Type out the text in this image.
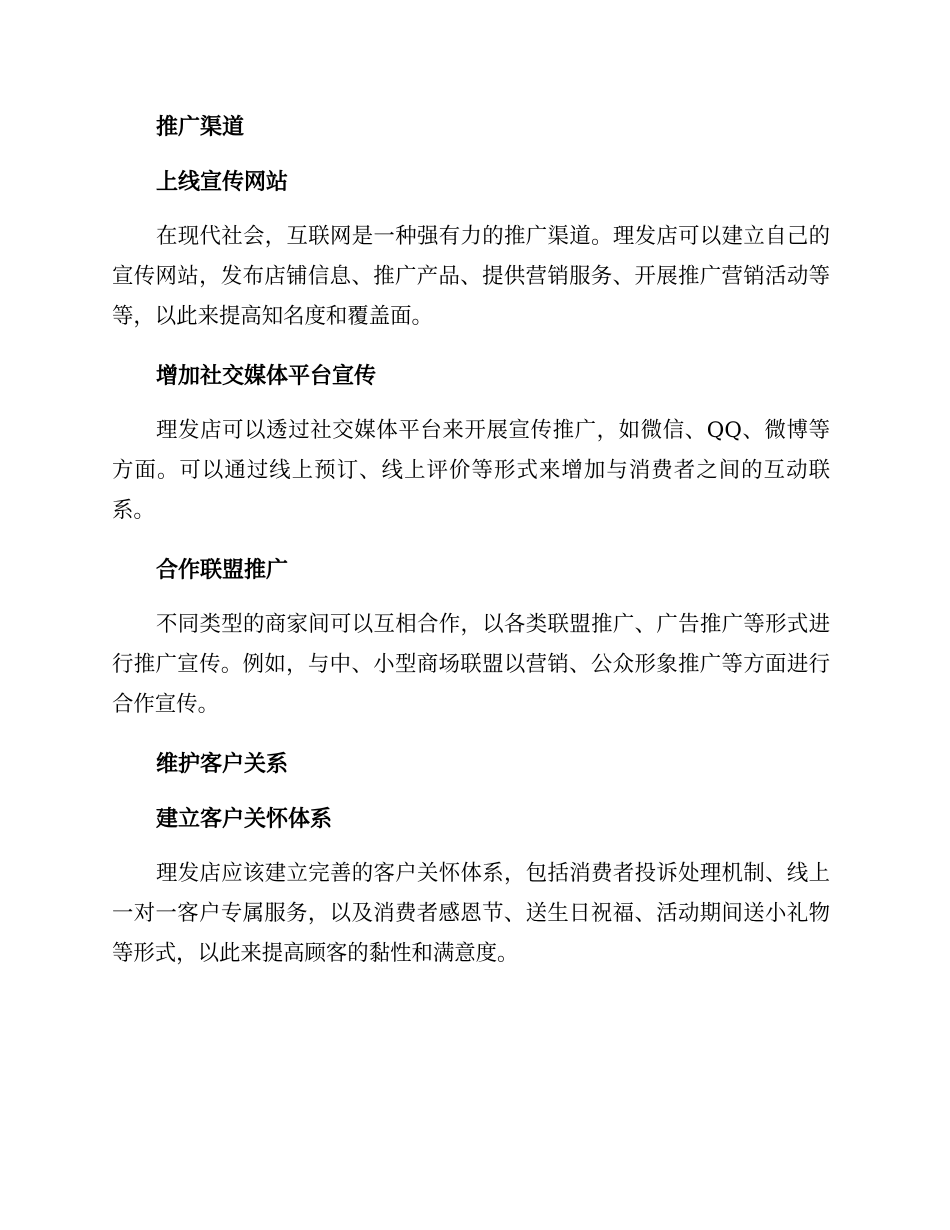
推广渠道
上线宣传网站

在现代社会，互联网是一种强有力的推广渠道。理发店可以建立自己的宣传网站，发布店铺信息、推广产品、提供营销服务、开展推广营销活动等等，以此来提高知名度和覆盖面。

增加社交媒体平台宣传

理发店可以透过社交媒体平台来开展宣传推广，如微信、QQ、微博等方面。可以通过线上预订、线上评价等形式来增加与消费者之间的互动联系。

合作联盟推广

不同类型的商家间可以互相合作，以各类联盟推广、广告推广等形式进行推广宣传。例如，与中、小型商场联盟以营销、公众形象推广等方面进行合作宣传。

维护客户关系
建立客户关怀体系

理发店应该建立完善的客户关怀体系，包括消费者投诉处理机制、线上一对一客户专属服务，以及消费者感恩节、送生日祝福、活动期间送小礼物等形式，以此来提高顾客的黏性和满意度。
